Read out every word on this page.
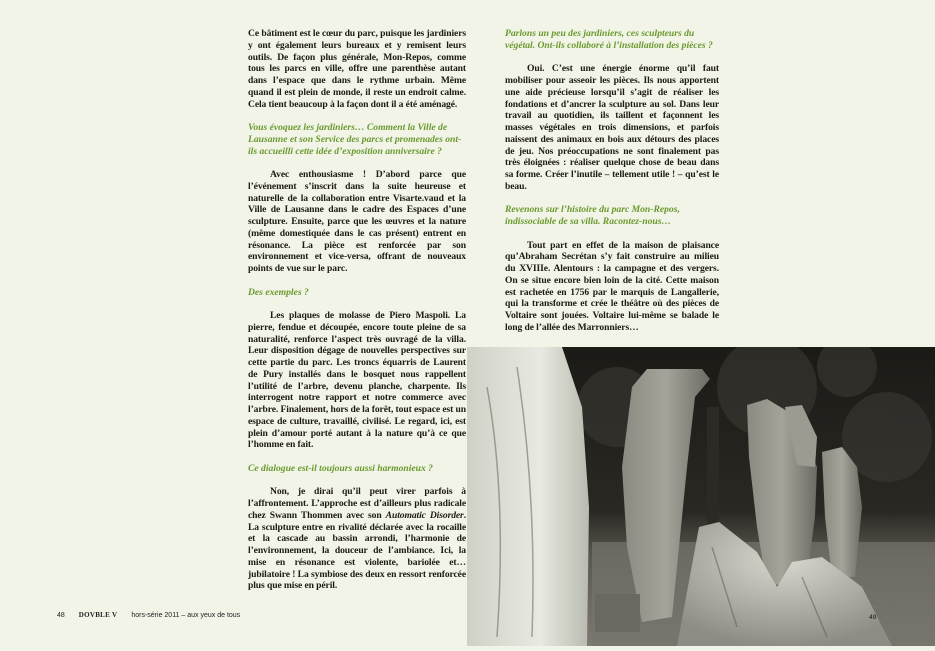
Ce bâtiment est le cœur du parc, puisque les jardiniers y ont également leurs bureaux et y remisent leurs outils. De façon plus générale, Mon-Repos, comme tous les parcs en ville, offre une parenthèse autant dans l’espace que dans le rythme urbain. Même quand il est plein de monde, il reste un endroit calme. Cela tient beaucoup à la façon dont il a été aménagé.

Vous évoquez les jardiniers… Comment la Ville de Lausanne et son Service des parcs et promenades ont-ils accueilli cette idée d’exposition anniversaire ?

Avec enthousiasme ! D’abord parce que l’événement s’inscrit dans la suite heureuse et naturelle de la collaboration entre Visarte.vaud et la Ville de Lausanne dans le cadre des Espaces d’une sculpture. Ensuite, parce que les œuvres et la nature (même domestiquée dans le cas présent) entrent en résonance. La pièce est renforcée par son environnement et vice-versa, offrant de nouveaux points de vue sur le parc.

Des exemples ?

Les plaques de molasse de Piero Maspoli. La pierre, fendue et découpée, encore toute pleine de sa naturalité, renforce l’aspect très ouvragé de la villa. Leur disposition dégage de nouvelles perspectives sur cette partie du parc. Les troncs équarris de Laurent de Pury installés dans le bosquet nous rappellent l’utilité de l’arbre, devenu planche, charpente. Ils interrogent notre rapport et notre commerce avec l’arbre. Finalement, hors de la forêt, tout espace est un espace de culture, travaillé, civilisé. Le regard, ici, est plein d’amour porté autant à la nature qu’à ce que l’homme en fait.

Ce dialogue est-il toujours aussi harmonieux ?

Non, je dirai qu’il peut virer parfois à l’affrontement. L’approche est d’ailleurs plus radicale chez Swann Thommen avec son Automatic Disorder. La sculpture entre en rivalité déclarée avec la rocaille et la cascade au bassin arrondi, l’harmonie de l’environnement, la douceur de l’ambiance. Ici, la mise en résonance est violente, bariolée et… jubilatoire ! La symbiose des deux en ressort renforcée plus que mise en péril.

Parlons un peu des jardiniers, ces sculpteurs du végétal. Ont-ils collaboré à l’installation des pièces ?

Oui. C’est une énergie énorme qu’il faut mobiliser pour asseoir les pièces. Ils nous apportent une aide précieuse lorsqu’il s’agit de réaliser les fondations et d’ancrer la sculpture au sol. Dans leur travail au quotidien, ils taillent et façonnent les masses végétales en trois dimensions, et parfois naissent des animaux en bois aux détours des places de jeu. Nos préoccupations ne sont finalement pas très éloignées : réaliser quelque chose de beau dans sa forme. Créer l’inutile – tellement utile ! – qu’est le beau.

Revenons sur l’histoire du parc Mon-Repos, indissociable de sa villa. Racontez-nous…

Tout part en effet de la maison de plaisance qu’Abraham Secrétan s’y fait construire au milieu du XVIIIe. Alentours : la campagne et des vergers. On se situe encore bien loin de la cité. Cette maison est rachetée en 1756 par le marquis de Langallerie, qui la transforme et crée le théâtre où des pièces de Voltaire sont jouées. Voltaire lui-même se balade le long de l’allée des Marronniers…

49
48 DOVBLE V hors-série 2011 – aux yeux de tous
